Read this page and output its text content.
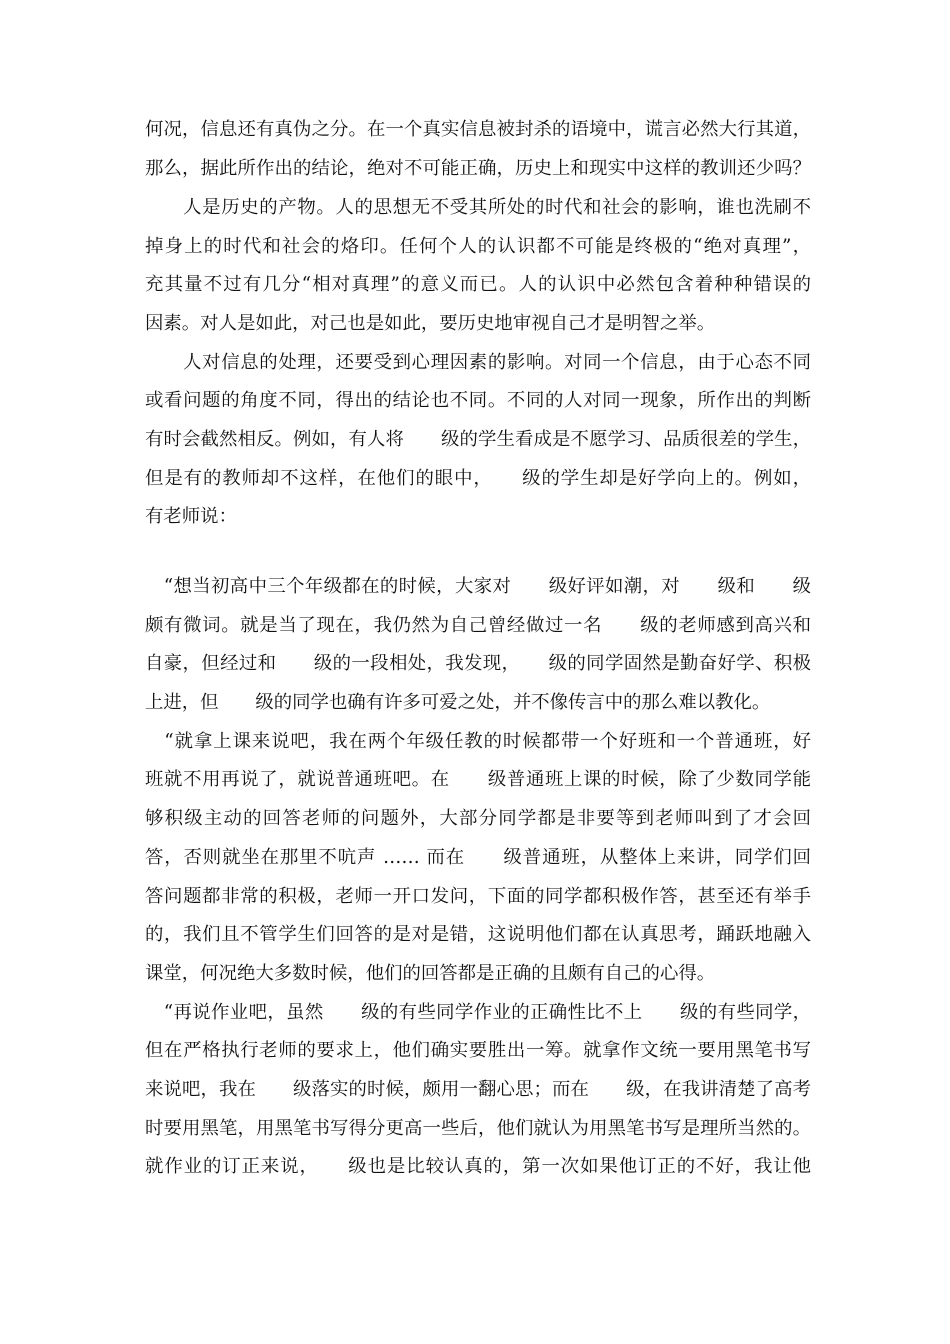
何况，信息还有真伪之分。在一个真实信息被封杀的语境中，谎言必然大行其道，

那么，据此所作出的结论，绝对不可能正确，历史上和现实中这样的教训还少吗？

　　人是历史的产物。人的思想无不受其所处的时代和社会的影响，谁也洗刷不

掉身上的时代和社会的烙印。任何个人的认识都不可能是终极的“绝对真理”，

充其量不过有几分“相对真理”的意义而已。人的认识中必然包含着种种错误的

因素。对人是如此，对己也是如此，要历史地审视自己才是明智之举。

　　人对信息的处理，还要受到心理因素的影响。对同一个信息，由于心态不同

或看问题的角度不同，得出的结论也不同。不同的人对同一现象，所作出的判断

有时会截然相反。例如，有人将　　级的学生看成是不愿学习、品质很差的学生，

但是有的教师却不这样，在他们的眼中，　　级的学生却是好学向上的。例如，

有老师说：

　“想当初高中三个年级都在的时候，大家对　　级好评如潮，对　　级和　　级

颇有微词。就是当了现在，我仍然为自己曾经做过一名　　级的老师感到高兴和

自豪，但经过和　　级的一段相处，我发现，　　级的同学固然是勤奋好学、积极

上进，但　　级的同学也确有许多可爱之处，并不像传言中的那么难以教化。

　“就拿上课来说吧，我在两个年级任教的时候都带一个好班和一个普通班，好

班就不用再说了，就说普通班吧。在　　级普通班上课的时候，除了少数同学能

够积级主动的回答老师的问题外，大部分同学都是非要等到老师叫到了才会回

答，否则就坐在那里不吭声 …… 而在　　级普通班，从整体上来讲，同学们回

答问题都非常的积极，老师一开口发问，下面的同学都积极作答，甚至还有举手

的，我们且不管学生们回答的是对是错，这说明他们都在认真思考，踊跃地融入

课堂，何况绝大多数时候，他们的回答都是正确的且颇有自己的心得。

　“再说作业吧，虽然　　级的有些同学作业的正确性比不上　　级的有些同学，

但在严格执行老师的要求上，他们确实要胜出一筹。就拿作文统一要用黑笔书写

来说吧，我在　　级落实的时候，颇用一翻心思；而在　　级，在我讲清楚了高考

时要用黑笔，用黑笔书写得分更高一些后，他们就认为用黑笔书写是理所当然的。

就作业的订正来说，　　级也是比较认真的，第一次如果他订正的不好，我让他
